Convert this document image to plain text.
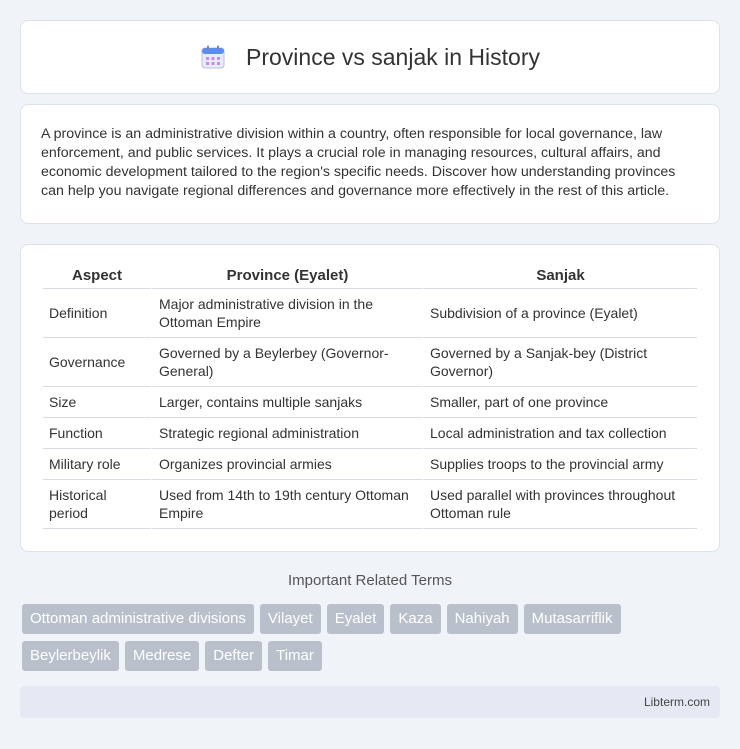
Province vs sanjak in History

A province is an administrative division within a country, often responsible for local governance, law enforcement, and public services. It plays a crucial role in managing resources, cultural affairs, and economic development tailored to the region's specific needs. Discover how understanding provinces can help you navigate regional differences and governance more effectively in the rest of this article.

Aspect	Province (Eyalet)	Sanjak
Definition	Major administrative division in the Ottoman Empire	Subdivision of a province (Eyalet)
Governance	Governed by a Beylerbey (Governor-General)	Governed by a Sanjak-bey (District Governor)
Size	Larger, contains multiple sanjaks	Smaller, part of one province
Function	Strategic regional administration	Local administration and tax collection
Military role	Organizes provincial armies	Supplies troops to the provincial army
Historical period	Used from 14th to 19th century Ottoman Empire	Used parallel with provinces throughout Ottoman rule
Important Related Terms
Ottoman administrative divisions	Vilayet	Eyalet	Kaza	Nahiyah	Mutasarriflik
Beylerbeylik	Medrese	Defter	Timar
Libterm.com
